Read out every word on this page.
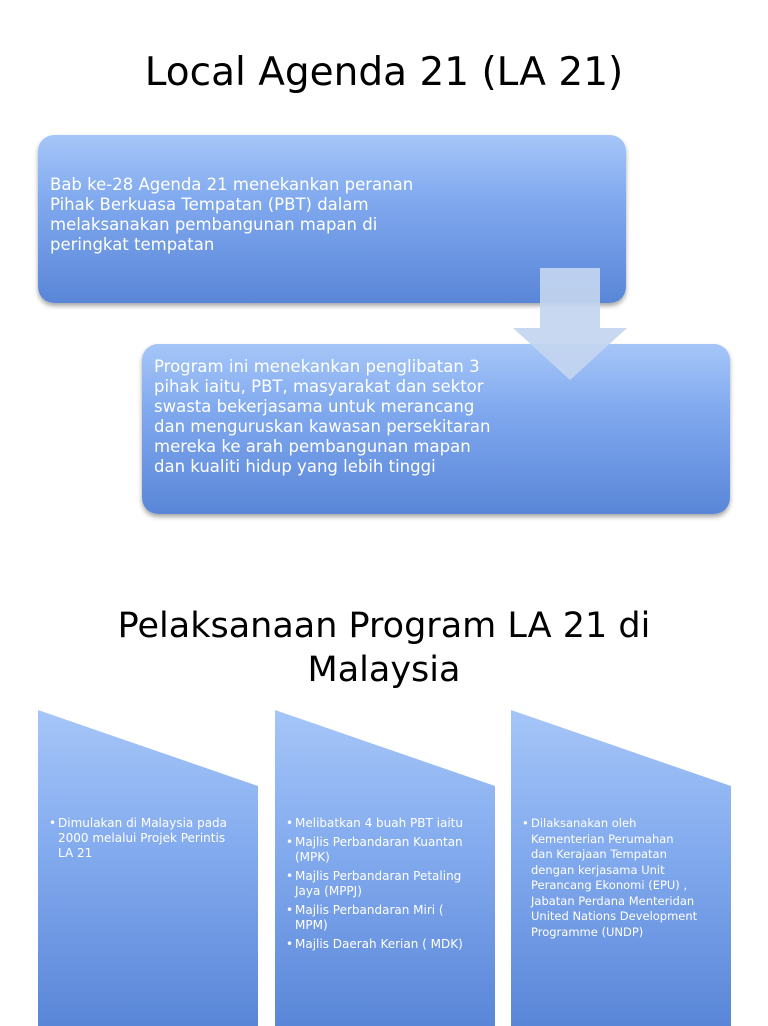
Local Agenda 21 (LA 21)

Bab ke-28 Agenda 21 menekankan peranan
Pihak Berkuasa Tempatan (PBT) dalam
melaksanakan pembangunan mapan di
peringkat tempatan

Program ini menekankan penglibatan 3
pihak iaitu, PBT, masyarakat dan sektor
swasta bekerjasama untuk merancang
dan menguruskan kawasan persekitaran
mereka ke arah pembangunan mapan
dan kualiti hidup yang lebih tinggi

Pelaksanaan Program LA 21 di
Malaysia
• Dimulakan di Malaysia pada
2000 melalui Projek Perintis
LA 21
• Melibatkan 4 buah PBT iaitu
• Majlis Perbandaran Kuantan
(MPK)
• Majlis Perbandaran Petaling
Jaya (MPPJ)
• Majlis Perbandaran Miri (
MPM)
• Majlis Daerah Kerian ( MDK)
• Dilaksanakan oleh
Kementerian Perumahan
dan Kerajaan Tempatan
dengan kerjasama Unit
Perancang Ekonomi (EPU) ,
Jabatan Perdana Menteridan
United Nations Development
Programme (UNDP)
